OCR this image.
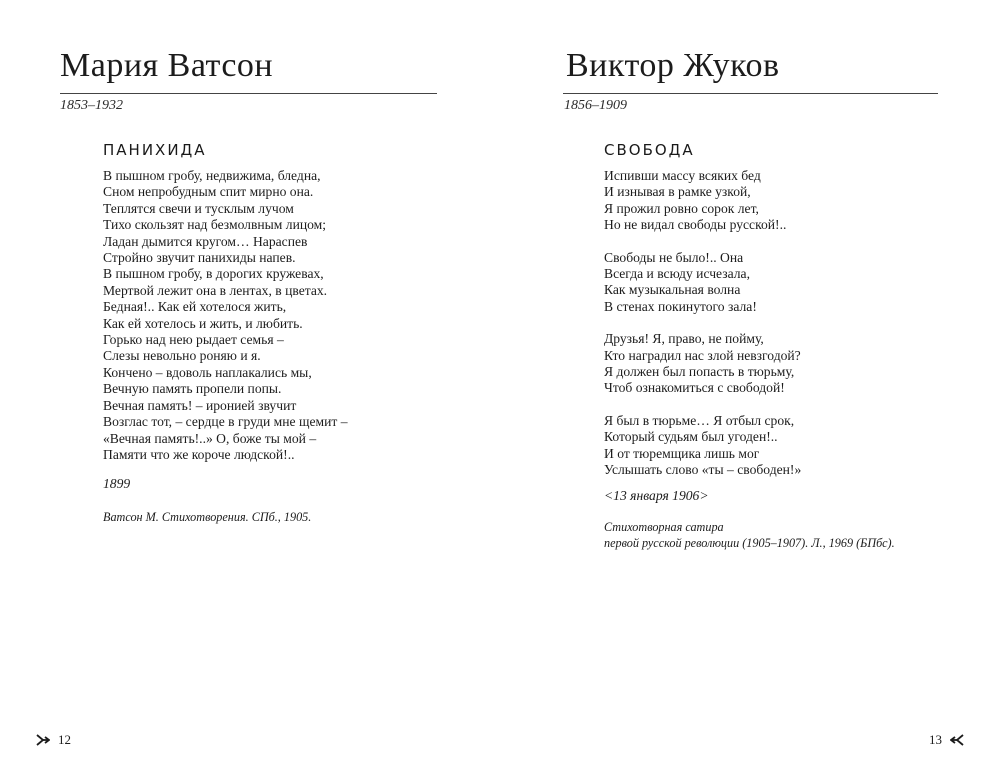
Мария Ватсон
1853–1932
ПАНИХИДА
В пышном гробу, недвижима, бледна,
Сном непробудным спит мирно она.
Теплятся свечи и тусклым лучом
Тихо скользят над безмолвным лицом;
Ладан дымится кругом… Нараспев
Стройно звучит панихиды напев.
В пышном гробу, в дорогих кружевах,
Мертвой лежит она в лентах, в цветах.
Бедная!.. Как ей хотелося жить,
Как ей хотелось и жить, и любить.
Горько над нею рыдает семья –
Слезы невольно роняю и я.
Кончено – вдоволь наплакались мы,
Вечную память пропели попы.
Вечная память! – иронией звучит
Возглас тот, – сердце в груди мне щемит –
«Вечная память!..» О, боже ты мой –
Памяти что же короче людской!..
1899
Ватсон М. Стихотворения. СПб., 1905.
12
Виктор Жуков
1856–1909
СВОБОДА
Испивши массу всяких бед
И изнывая в рамке узкой,
Я прожил ровно сорок лет,
Но не видал свободы русской!..
Свободы не было!.. Она
Всегда и всюду исчезала,
Как музыкальная волна
В стенах покинутого зала!
Друзья! Я, право, не пойму,
Кто наградил нас злой невзгодой?
Я должен был попасть в тюрьму,
Чтоб ознакомиться с свободой!
Я был в тюрьме… Я отбыл срок,
Который судьям был угоден!..
И от тюремщика лишь мог
Услышать слово «ты – свободен!»
<13 января 1906>
Стихотворная сатира
первой русской революции (1905–1907). Л., 1969 (БПбс).
13
